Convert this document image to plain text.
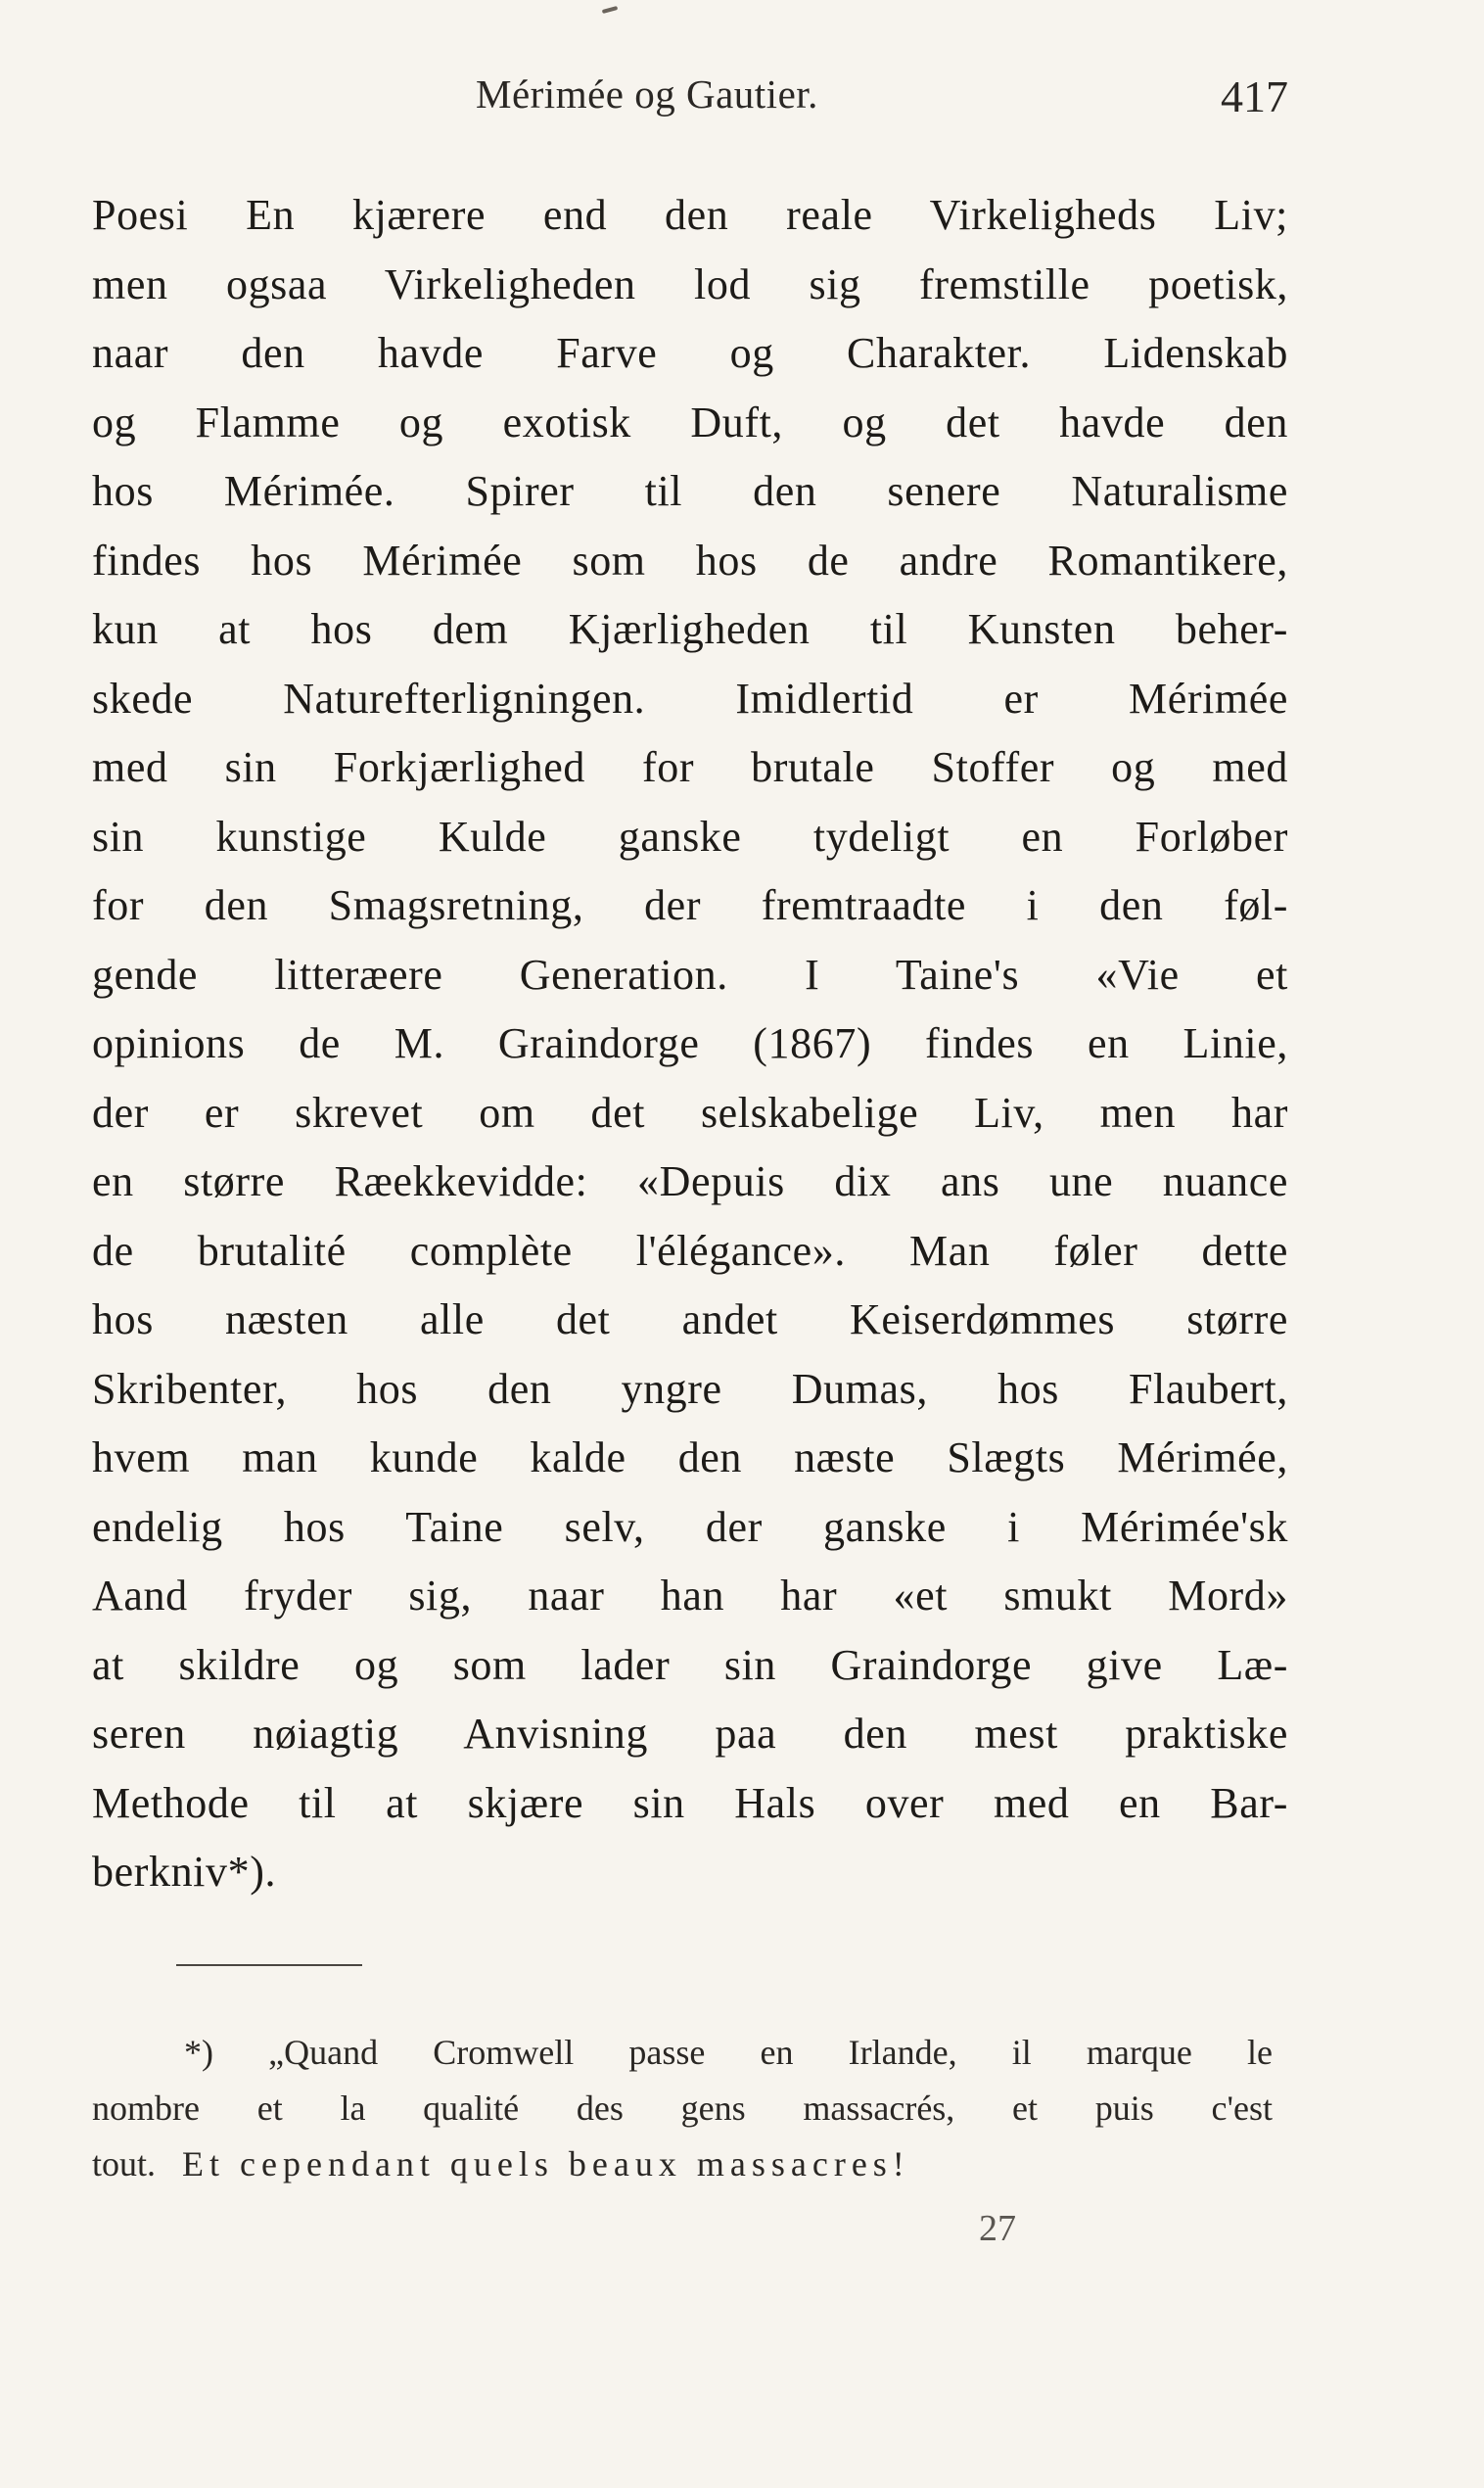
Mérimée og Gautier.	417
Poesi En kjærere end den reale Virkeligheds Liv;
men ogsaa Virkeligheden lod sig fremstille poetisk,
naar den havde Farve og Charakter. Lidenskab
og Flamme og exotisk Duft, og det havde den
hos Mérimée. Spirer til den senere Naturalisme
findes hos Mérimée som hos de andre Romantikere,
kun at hos dem Kjærligheden til Kunsten beher-
skede Naturefterligningen. Imidlertid er Mérimée
med sin Forkjærlighed for brutale Stoffer og med
sin kunstige Kulde ganske tydeligt en Forløber
for den Smagsretning, der fremtraadte i den føl-
gende litteræere Generation. I Taine's «Vie et
opinions de M. Graindorge (1867) findes en Linie,
der er skrevet om det selskabelige Liv, men har
en større Ræekkevidde: «Depuis dix ans une nuance
de brutalité complète l'élégance». Man føler dette
hos næsten alle det andet Keiserdømmes større
Skribenter, hos den yngre Dumas, hos Flaubert,
hvem man kunde kalde den næste Slægts Mérimée,
endelig hos Taine selv, der ganske i Mérimée'sk
Aand fryder sig, naar han har «et smukt Mord»
at skildre og som lader sin Graindorge give Læ-
seren nøiagtig Anvisning paa den mest praktiske
Methode til at skjære sin Hals over med en Bar-
berkniv*).
*) „Quand Cromwell passe en Irlande, il marque le
nombre et la qualité des gens massacrés, et puis c'est
tout. Et cependant quels beaux massacres!
27
